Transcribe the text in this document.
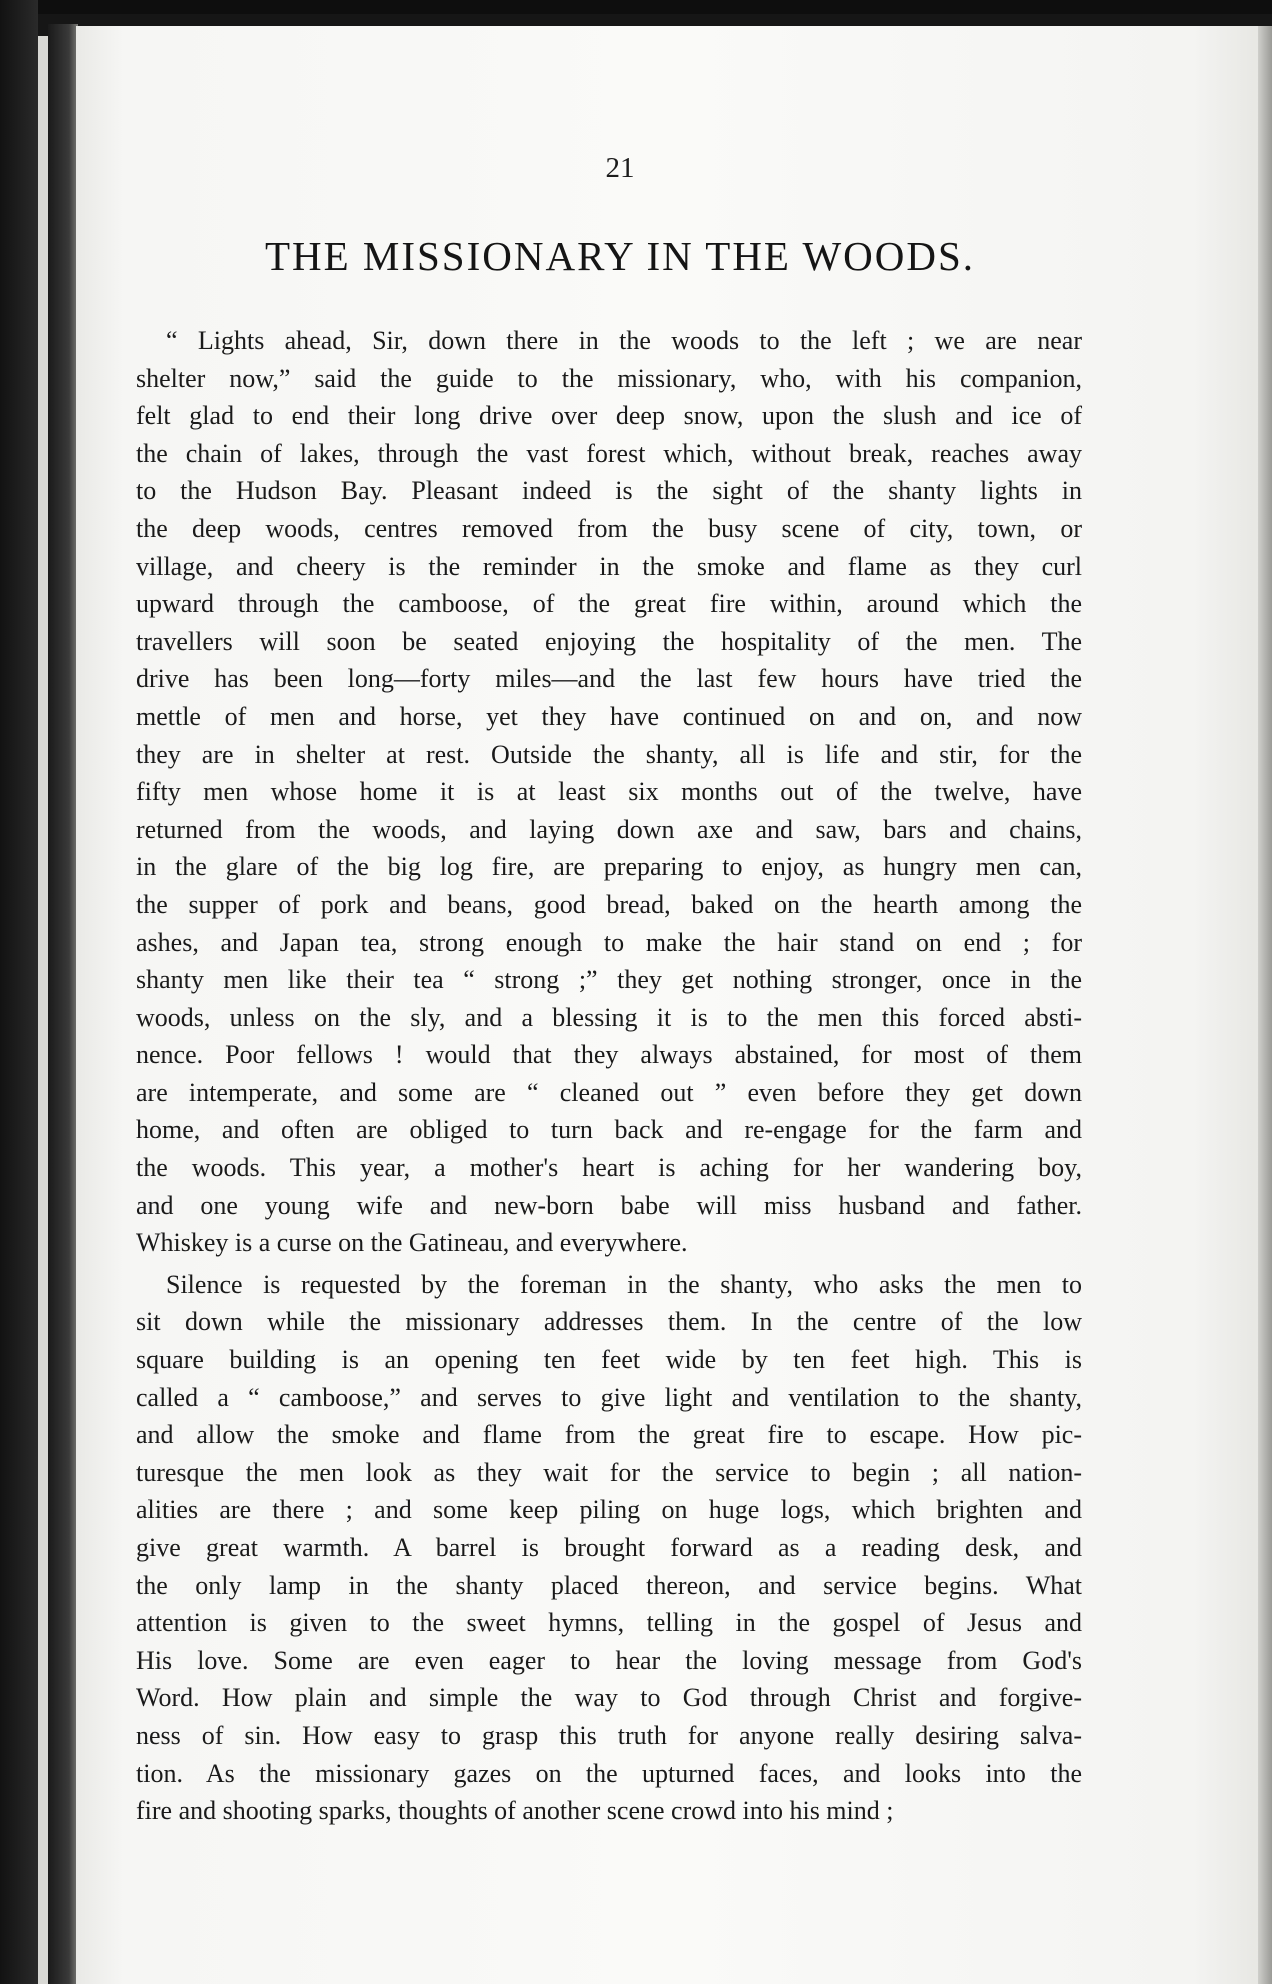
21
THE MISSIONARY IN THE WOODS.
“ Lights ahead, Sir, down there in the woods to the left ; we are near
shelter now,” said the guide to the missionary, who, with his companion,
felt glad to end their long drive over deep snow, upon the slush and ice of
the chain of lakes, through the vast forest which, without break, reaches away
to the Hudson Bay. Pleasant indeed is the sight of the shanty lights in
the deep woods, centres removed from the busy scene of city, town, or
village, and cheery is the reminder in the smoke and flame as they curl
upward through the camboose, of the great fire within, around which the
travellers will soon be seated enjoying the hospitality of the men. The
drive has been long—forty miles—and the last few hours have tried the
mettle of men and horse, yet they have continued on and on, and now
they are in shelter at rest. Outside the shanty, all is life and stir, for the
fifty men whose home it is at least six months out of the twelve, have
returned from the woods, and laying down axe and saw, bars and chains,
in the glare of the big log fire, are preparing to enjoy, as hungry men can,
the supper of pork and beans, good bread, baked on the hearth among the
ashes, and Japan tea, strong enough to make the hair stand on end ; for
shanty men like their tea “ strong ;” they get nothing stronger, once in the
woods, unless on the sly, and a blessing it is to the men this forced absti-
nence. Poor fellows ! would that they always abstained, for most of them
are intemperate, and some are “ cleaned out ” even before they get down
home, and often are obliged to turn back and re-engage for the farm and
the woods. This year, a mother's heart is aching for her wandering boy,
and one young wife and new-born babe will miss husband and father.
Whiskey is a curse on the Gatineau, and everywhere.
Silence is requested by the foreman in the shanty, who asks the men to
sit down while the missionary addresses them. In the centre of the low
square building is an opening ten feet wide by ten feet high. This is
called a “ camboose,” and serves to give light and ventilation to the shanty,
and allow the smoke and flame from the great fire to escape. How pic-
turesque the men look as they wait for the service to begin ; all nation-
alities are there ; and some keep piling on huge logs, which brighten and
give great warmth. A barrel is brought forward as a reading desk, and
the only lamp in the shanty placed thereon, and service begins. What
attention is given to the sweet hymns, telling in the gospel of Jesus and
His love. Some are even eager to hear the loving message from God's
Word. How plain and simple the way to God through Christ and forgive-
ness of sin. How easy to grasp this truth for anyone really desiring salva-
tion. As the missionary gazes on the upturned faces, and looks into the
fire and shooting sparks, thoughts of another scene crowd into his mind ;
